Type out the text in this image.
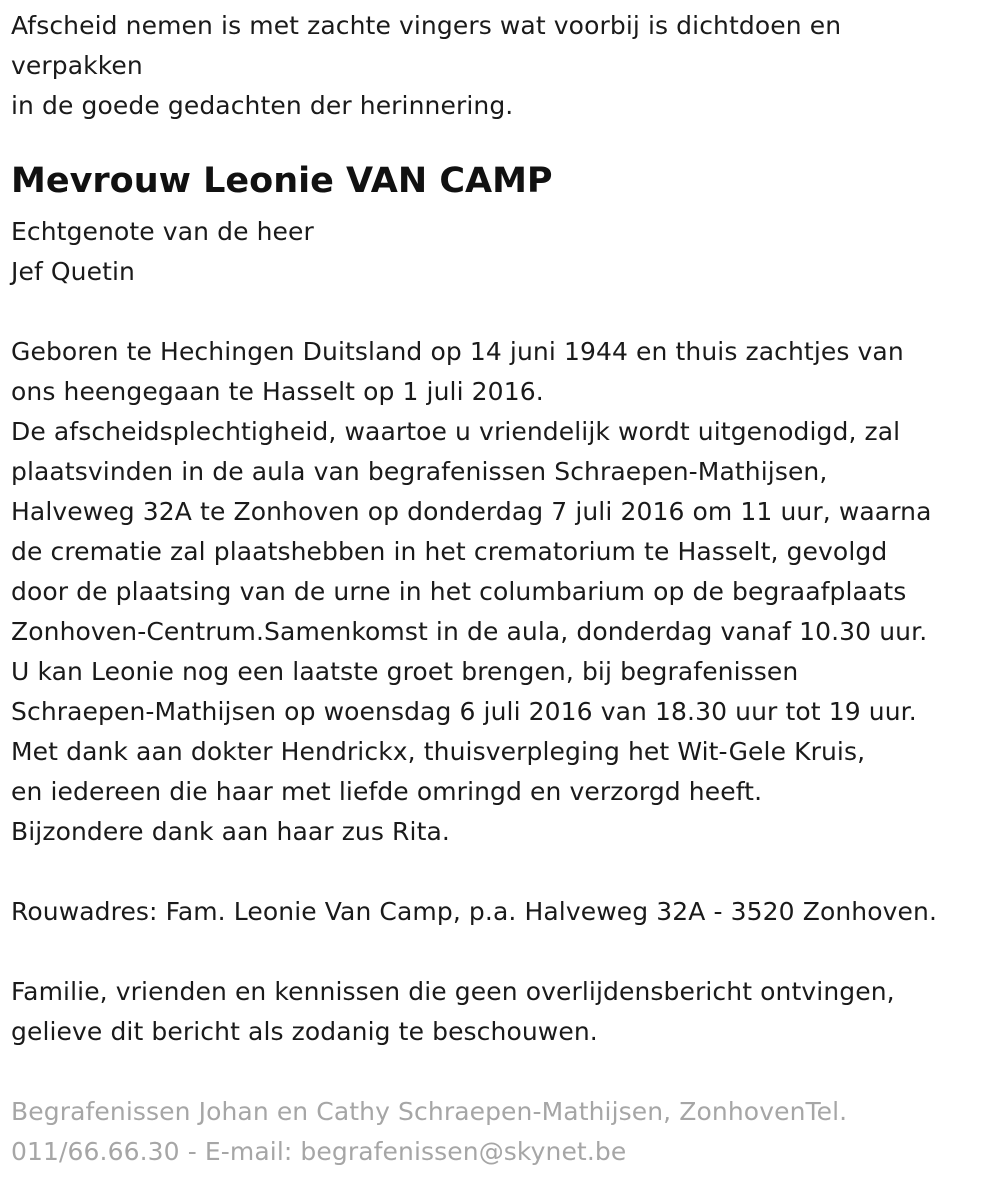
Afscheid nemen is met zachte vingers wat voorbij is dichtdoen en
verpakken
in de goede gedachten der herinnering.
Mevrouw Leonie VAN CAMP
Echtgenote van de heer
Jef Quetin
Geboren te Hechingen Duitsland op 14 juni 1944 en thuis zachtjes van
ons heengegaan te Hasselt op 1 juli 2016.
De afscheidsplechtigheid, waartoe u vriendelijk wordt uitgenodigd, zal
plaatsvinden in de aula van begrafenissen Schraepen-Mathijsen,
Halveweg 32A te Zonhoven op donderdag 7 juli 2016 om 11 uur, waarna
de crematie zal plaatshebben in het crematorium te Hasselt, gevolgd
door de plaatsing van de urne in het columbarium op de begraafplaats
Zonhoven-Centrum.Samenkomst in de aula, donderdag vanaf 10.30 uur.
U kan Leonie nog een laatste groet brengen, bij begrafenissen
Schraepen-Mathijsen op woensdag 6 juli 2016 van 18.30 uur tot 19 uur.
Met dank aan dokter Hendrickx, thuisverpleging het Wit-Gele Kruis,
en iedereen die haar met liefde omringd en verzorgd heeft.
Bijzondere dank aan haar zus Rita.
Rouwadres: Fam. Leonie Van Camp, p.a. Halveweg 32A - 3520 Zonhoven.
Familie, vrienden en kennissen die geen overlijdensbericht ontvingen,
gelieve dit bericht als zodanig te beschouwen.
Begrafenissen Johan en Cathy Schraepen-Mathijsen, ZonhovenTel.
011/66.66.30 - E-mail: begrafenissen@skynet.be
